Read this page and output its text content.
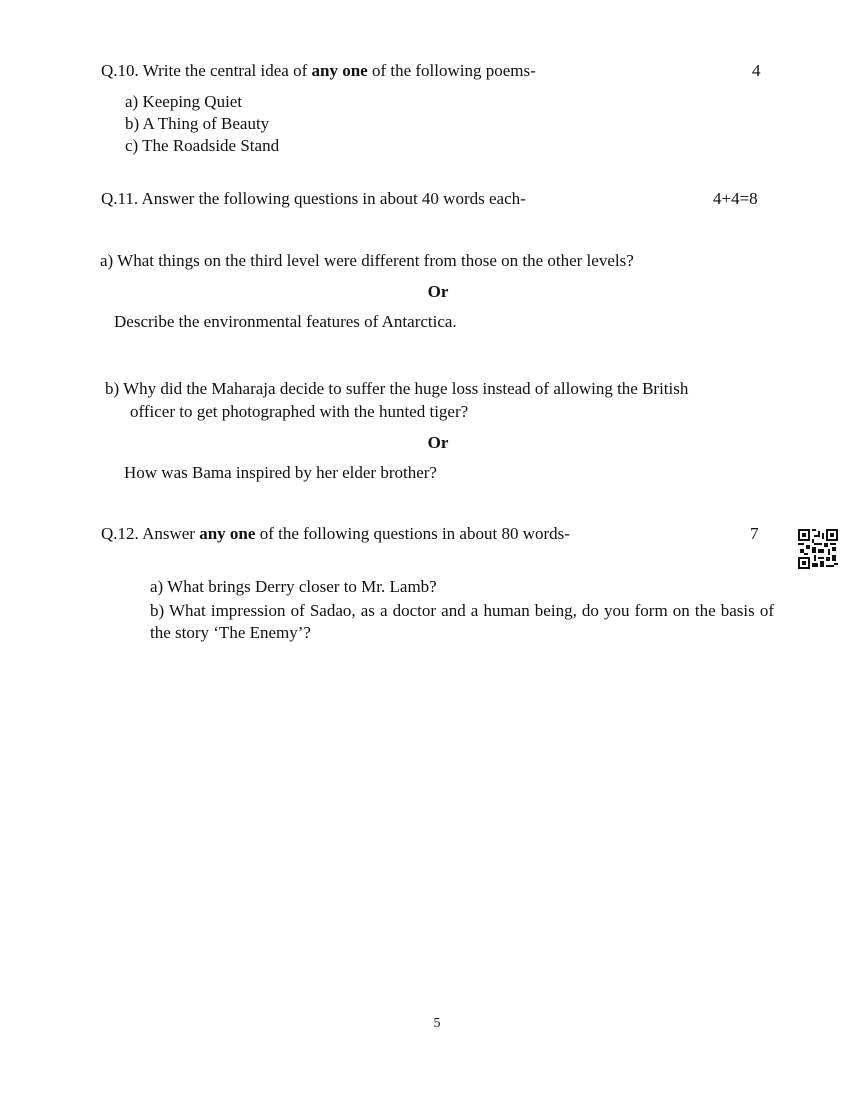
Q.10. Write the central idea of any one of the following poems-	4
a) Keeping Quiet
b) A Thing of Beauty
c) The Roadside Stand
Q.11. Answer the following questions in about 40 words each-	4+4=8
a) What things on the third level were different from those on the other levels?
Or
Describe the environmental features of Antarctica.
b) Why did the Maharaja decide to suffer the huge loss instead of allowing the British
officer to get photographed with the hunted tiger?
Or
How was Bama inspired by her elder brother?
Q.12. Answer any one of the following questions in about 80 words-	7
a) What brings Derry closer to Mr. Lamb?
b) What impression of Sadao, as a doctor and a human being, do you form on the basis of the story ‘The Enemy’?
5
